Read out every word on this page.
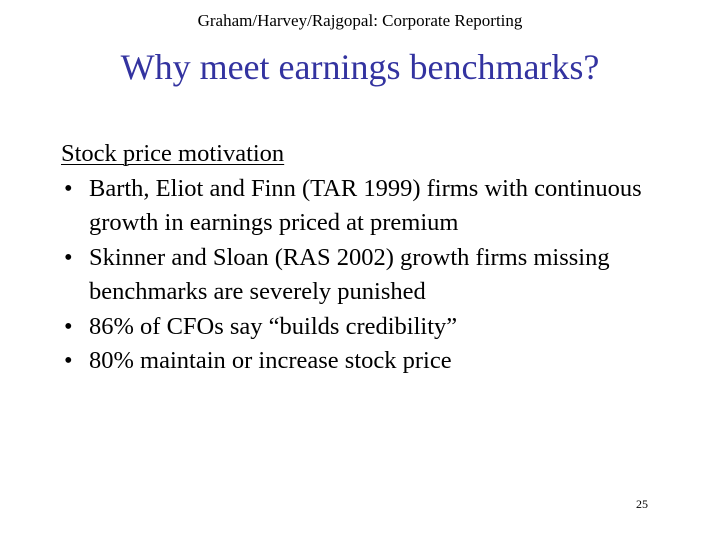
Graham/Harvey/Rajgopal: Corporate Reporting
Why meet earnings benchmarks?
Stock price motivation
• Barth, Eliot and Finn (TAR 1999) firms with continuous growth in earnings priced at premium
• Skinner and Sloan (RAS 2002) growth firms missing benchmarks are severely punished
• 86% of CFOs say “builds credibility”
• 80% maintain or increase stock price
25
